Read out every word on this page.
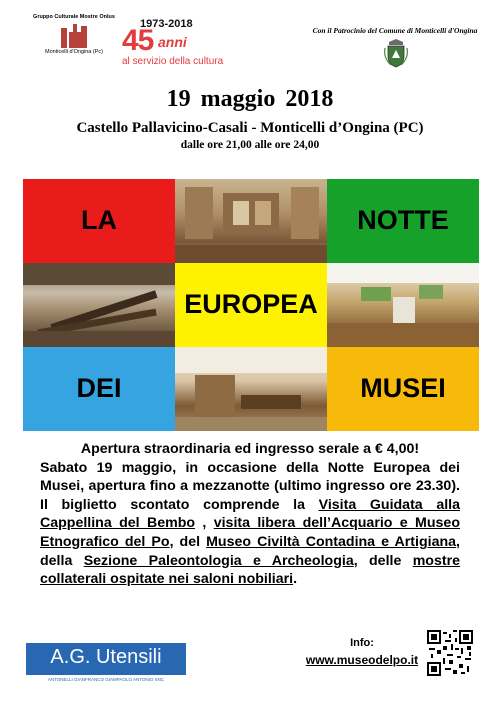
Gruppo Culturale Mostre Onlus
Monticelli d'Ongina (Pc)
1973-2018
45 anni
al servizio della cultura
Con il Patrocinio del Comune di Monticelli d'Ongina
19 maggio 2018
Castello Pallavicino-Casali - Monticelli d’Ongina (PC)
dalle ore 21,00 alle ore 24,00
LA	NOTTE
EUROPEA
DEI	MUSEI

Apertura straordinaria ed ingresso serale a € 4,00!

Sabato 19 maggio, in occasione della Notte Europea dei Musei, apertura fino a mezzanotte (ultimo ingresso ore 23.30). Il biglietto scontato comprende la Visita Guidata alla Cappellina del Bembo , visita libera dell’Acquario e Museo Etnografico del Po, del Museo Civiltà Contadina e Artigiana, della Sezione Paleontologia e Archeologia, delle mostre collaterali ospitate nei saloni nobiliari.

A.G. Utensili
ANTONELLI GIANFRANCO GIAMPAOLO ANTONIO SNC
Info:
www.museodelpo.it
